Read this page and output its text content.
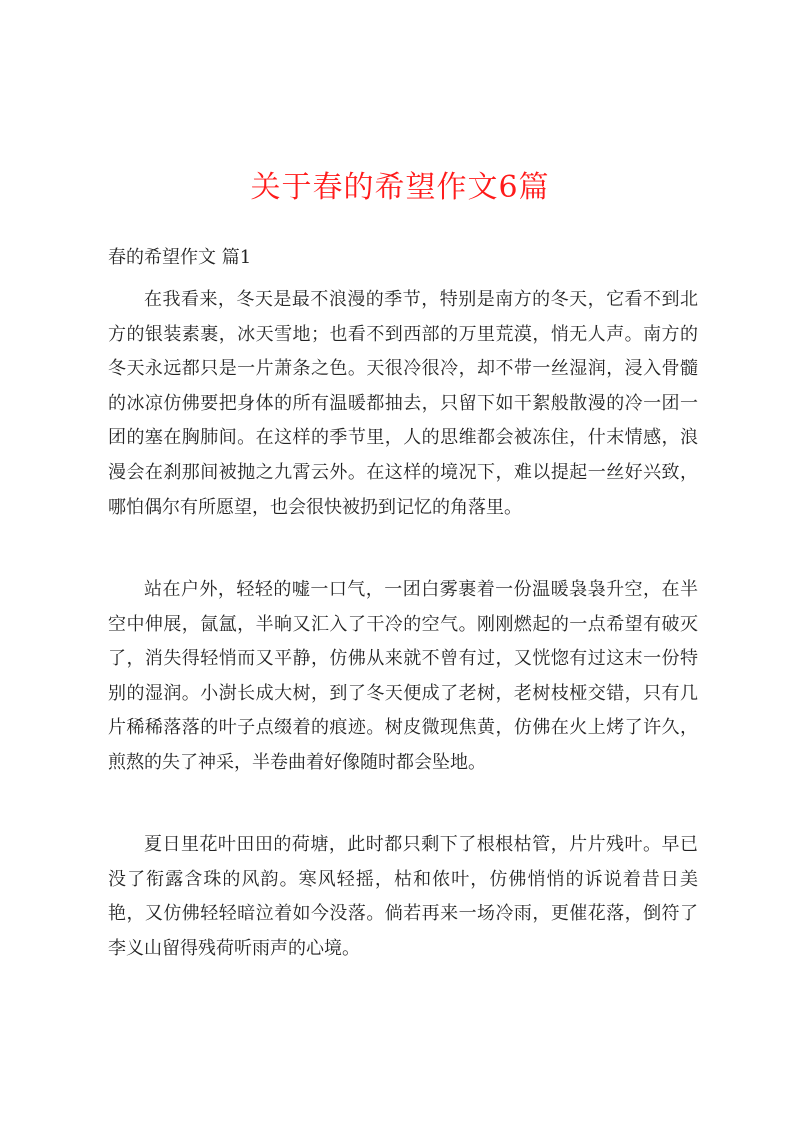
关于春的希望作文6篇
春的希望作文 篇1

在我看来，冬天是最不浪漫的季节，特别是南方的冬天，它看不到北方的银装素裹，冰天雪地；也看不到西部的万里荒漠，悄无人声。南方的冬天永远都只是一片萧条之色。天很冷很冷，却不带一丝湿润，浸入骨髓的冰凉仿佛要把身体的所有温暖都抽去，只留下如干絮般散漫的冷一团一团的塞在胸肺间。在这样的季节里，人的思维都会被冻住，什末情感，浪漫会在刹那间被抛之九霄云外。在这样的境况下，难以提起一丝好兴致，哪怕偶尔有所愿望，也会很快被扔到记忆的角落里。

站在户外，轻轻的嘘一口气，一团白雾裹着一份温暖袅袅升空，在半空中伸展，氤氲，半晌又汇入了干冷的空气。刚刚燃起的一点希望有破灭了，消失得轻悄而又平静，仿佛从来就不曾有过，又恍惚有过这末一份特别的湿润。小澍长成大树，到了冬天便成了老树，老树枝桠交错，只有几片稀稀落落的叶子点缀着的痕迹。树皮微现焦黄，仿佛在火上烤了许久，煎熬的失了神采，半卷曲着好像随时都会坠地。

夏日里花叶田田的荷塘，此时都只剩下了根根枯管，片片残叶。早已没了衔露含珠的风韵。寒风轻摇，枯和侬叶，仿佛悄悄的诉说着昔日美艳，又仿佛轻轻暗泣着如今没落。倘若再来一场冷雨，更催花落，倒符了李义山留得残荷听雨声的心境。
